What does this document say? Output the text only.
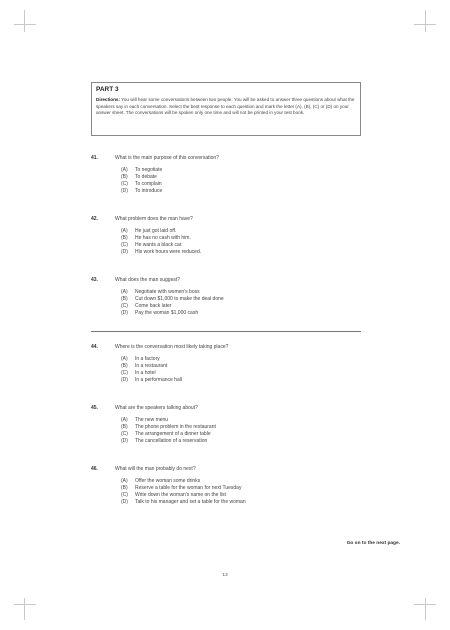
PART 3

Directions: You will hear some conversations between two people. You will be asked to answer three questions about what the speakers say in each conversation. Select the best response to each question and mark the letter (A), (B), (C) or (D) on your answer sheet. The conversations will be spoken only one time and will not be printed in your test book.

41.	What is the main purpose of this conversation?
(A)	To negotiate
(B)	To debate
(C)	To complain
(D)	To introduce
42.	What problem does the man have?
(A)	He just got laid off.
(B)	He has no cash with him.
(C)	He wants a black car.
(D)	His work hours were reduced.
43.	What does the man suggest?
(A)	Negotiate with women's boss
(B)	Cut down $1,000 to make the deal done
(C)	Come back later
(D)	Pay the woman $1,000 cash
44.	Where is the conversation most likely taking place?
(A)	In a factory
(B)	In a restaurant
(C)	In a hotel
(D)	In a performance hall
45.	What are the speakers talking about?
(A)	The new menu
(B)	The phone problem in the restaurant
(C)	The arrangement of a dinner table
(D)	The cancellation of a reservation
46.	What will the man probably do next?
(A)	Offer the woman some drinks
(B)	Reserve a table for the woman for next Tuesday
(C)	Write down the woman's name on the list
(D)	Talk to his manager and set a table for the woman
Go on to the next page.
13
